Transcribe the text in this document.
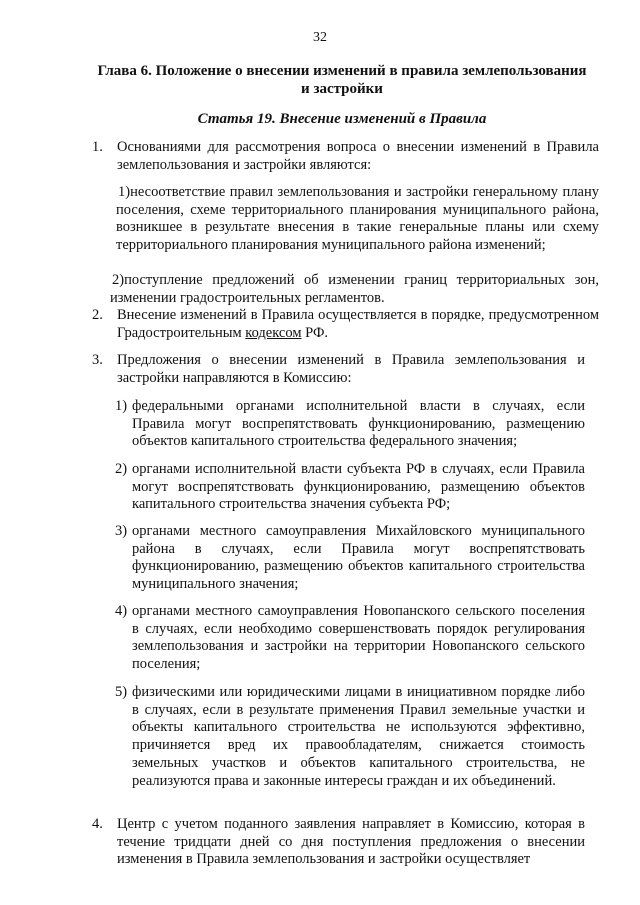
32
Глава 6. Положение о внесении изменений в правила землепользования и застройки
Статья 19. Внесение изменений в Правила
1. Основаниями для рассмотрения вопроса о внесении изменений в Правила землепользования и застройки являются:
1)несоответствие правил землепользования и застройки генеральному плану поселения, схеме территориального планирования муниципального района, возникшее в результате внесения в такие генеральные планы или схему территориального планирования муниципального района изменений;
2)поступление предложений об изменении границ территориальных зон, изменении градостроительных регламентов.
2. Внесение изменений в Правила осуществляется в порядке, предусмотренном Градостроительным кодексом РФ.
3. Предложения о внесении изменений в Правила землепользования и застройки направляются в Комиссию:
1) федеральными органами исполнительной власти в случаях, если Правила могут воспрепятствовать функционированию, размещению объектов капитального строительства федерального значения;
2) органами исполнительной власти субъекта РФ в случаях, если Правила могут воспрепятствовать функционированию, размещению объектов капитального строительства значения субъекта РФ;
3) органами местного самоуправления Михайловского муниципального района в случаях, если Правила могут воспрепятствовать функционированию, размещению объектов капитального строительства муниципального значения;
4) органами местного самоуправления Новопанского сельского поселения в случаях, если необходимо совершенствовать порядок регулирования землепользования и застройки на территории Новопанского сельского поселения;
5) физическими или юридическими лицами в инициативном порядке либо в случаях, если в результате применения Правил земельные участки и объекты капитального строительства не используются эффективно, причиняется вред их правообладателям, снижается стоимость земельных участков и объектов капитального строительства, не реализуются права и законные интересы граждан и их объединений.
4. Центр с учетом поданного заявления направляет в Комиссию, которая в течение тридцати дней со дня поступления предложения о внесении изменения в Правила землепользования и застройки осуществляет
